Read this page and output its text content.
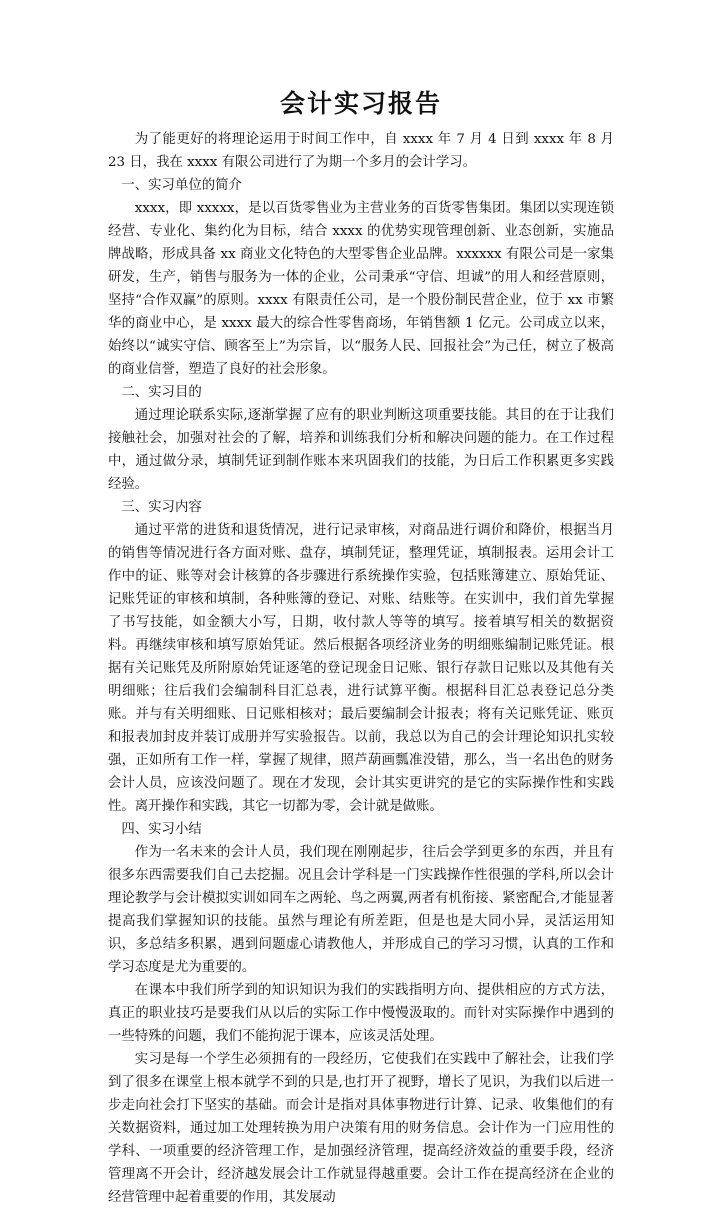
会计实习报告

为了能更好的将理论运用于时间工作中，自 xxxx 年 7 月 4 日到 xxxx 年 8 月 23 日，我在 xxxx 有限公司进行了为期一个多月的会计学习。

一、实习单位的简介

xxxx，即 xxxxx，是以百货零售业为主营业务的百货零售集团。集团以实现连锁经营、专业化、集约化为目标，结合 xxxx 的优势实现管理创新、业态创新，实施品牌战略，形成具备 xx 商业文化特色的大型零售企业品牌。xxxxxx 有限公司是一家集研发，生产，销售与服务为一体的企业，公司秉承“守信、坦诚”的用人和经营原则，坚持“合作双赢”的原则。xxxx 有限责任公司，是一个股份制民营企业，位于 xx 市繁华的商业中心，是 xxxx 最大的综合性零售商场，年销售额 1 亿元。公司成立以来，始终以“诚实守信、顾客至上”为宗旨，以“服务人民、回报社会”为己任，树立了极高的商业信誉，塑造了良好的社会形象。

二、实习目的

通过理论联系实际,逐渐掌握了应有的职业判断这项重要技能。其目的在于让我们接触社会，加强对社会的了解，培养和训练我们分析和解决问题的能力。在工作过程中，通过做分录，填制凭证到制作账本来巩固我们的技能，为日后工作积累更多实践经验。

三、实习内容

通过平常的进货和退货情况，进行记录审核，对商品进行调价和降价，根据当月的销售等情况进行各方面对账、盘存，填制凭证，整理凭证，填制报表。运用会计工作中的证、账等对会计核算的各步骤进行系统操作实验，包括账簿建立、原始凭证、记账凭证的审核和填制，各种账簿的登记、对账、结账等。在实训中，我们首先掌握了书写技能，如金额大小写，日期，收付款人等等的填写。接着填写相关的数据资料。再继续审核和填写原始凭证。然后根据各项经济业务的明细账编制记账凭证。根据有关记账凭及所附原始凭证逐笔的登记现金日记账、银行存款日记账以及其他有关明细账；往后我们会编制科目汇总表，进行试算平衡。根据科目汇总表登记总分类账。并与有关明细账、日记账相核对；最后要编制会计报表；将有关记账凭证、账页和报表加封皮并装订成册并写实验报告。以前，我总以为自己的会计理论知识扎实较强，正如所有工作一样，掌握了规律，照芦葫画瓢准没错，那么，当一名出色的财务会计人员，应该没问题了。现在才发现，会计其实更讲究的是它的实际操作性和实践性。离开操作和实践，其它一切都为零，会计就是做账。

四、实习小结

作为一名未来的会计人员，我们现在刚刚起步，往后会学到更多的东西，并且有很多东西需要我们自己去挖掘。况且会计学科是一门实践操作性很强的学科,所以会计理论教学与会计模拟实训如同车之两轮、鸟之两翼,两者有机衔接、紧密配合,才能显著提高我们掌握知识的技能。虽然与理论有所差距，但是也是大同小异，灵活运用知识，多总结多积累，遇到问题虚心请教他人，并形成自己的学习习惯，认真的工作和学习态度是尤为重要的。

在课本中我们所学到的知识知识为我们的实践指明方向、提供相应的方式方法，真正的职业技巧是要我们从以后的实际工作中慢慢汲取的。而针对实际操作中遇到的一些特殊的问题，我们不能拘泥于课本，应该灵活处理。

实习是每一个学生必须拥有的一段经历，它使我们在实践中了解社会，让我们学到了很多在课堂上根本就学不到的只是,也打开了视野，增长了见识，为我们以后进一步走向社会打下坚实的基础。而会计是指对具体事物进行计算、记录、收集他们的有关数据资料，通过加工处理转换为用户决策有用的财务信息。会计作为一门应用性的学科、一项重要的经济管理工作，是加强经济管理，提高经济效益的重要手段，经济管理离不开会计，经济越发展会计工作就显得越重要。会计工作在提高经济在企业的经营管理中起着重要的作用，其发展动
